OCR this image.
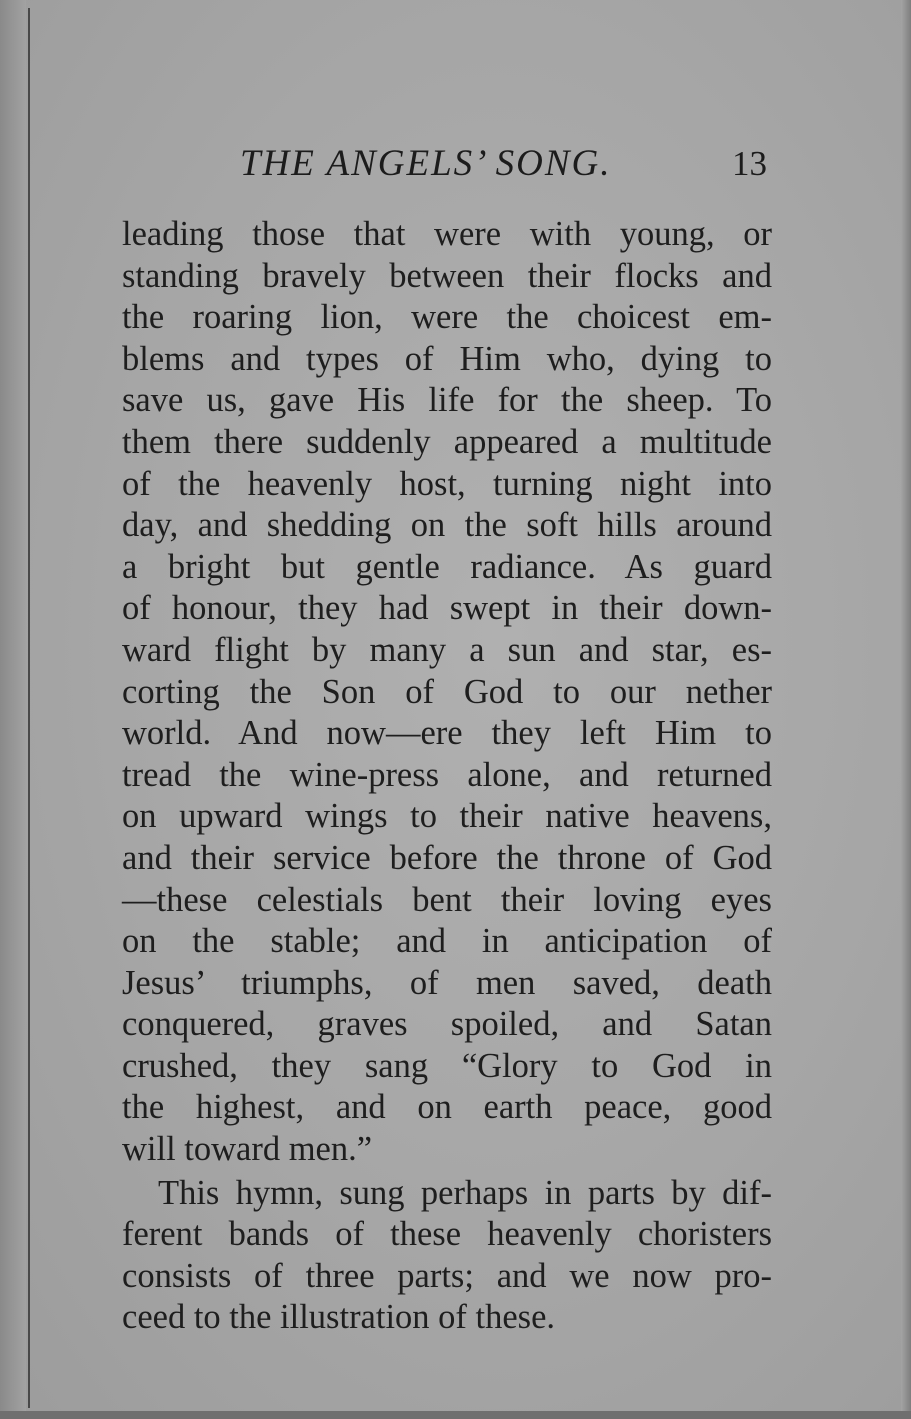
THE ANGELS’ SONG.	13
leading those that were with young, or
standing bravely between their flocks and
the roaring lion, were the choicest em-
blems and types of Him who, dying to
save us, gave His life for the sheep. To
them there suddenly appeared a multitude
of the heavenly host, turning night into
day, and shedding on the soft hills around
a bright but gentle radiance. As guard
of honour, they had swept in their down-
ward flight by many a sun and star, es-
corting the Son of God to our nether
world. And now—ere they left Him to
tread the wine-press alone, and returned
on upward wings to their native heavens,
and their service before the throne of God
—these celestials bent their loving eyes
on the stable; and in anticipation of
Jesus’ triumphs, of men saved, death
conquered, graves spoiled, and Satan
crushed, they sang “Glory to God in
the highest, and on earth peace, good
will toward men.”
This hymn, sung perhaps in parts by dif-
ferent bands of these heavenly choristers
consists of three parts; and we now pro-
ceed to the illustration of these.
